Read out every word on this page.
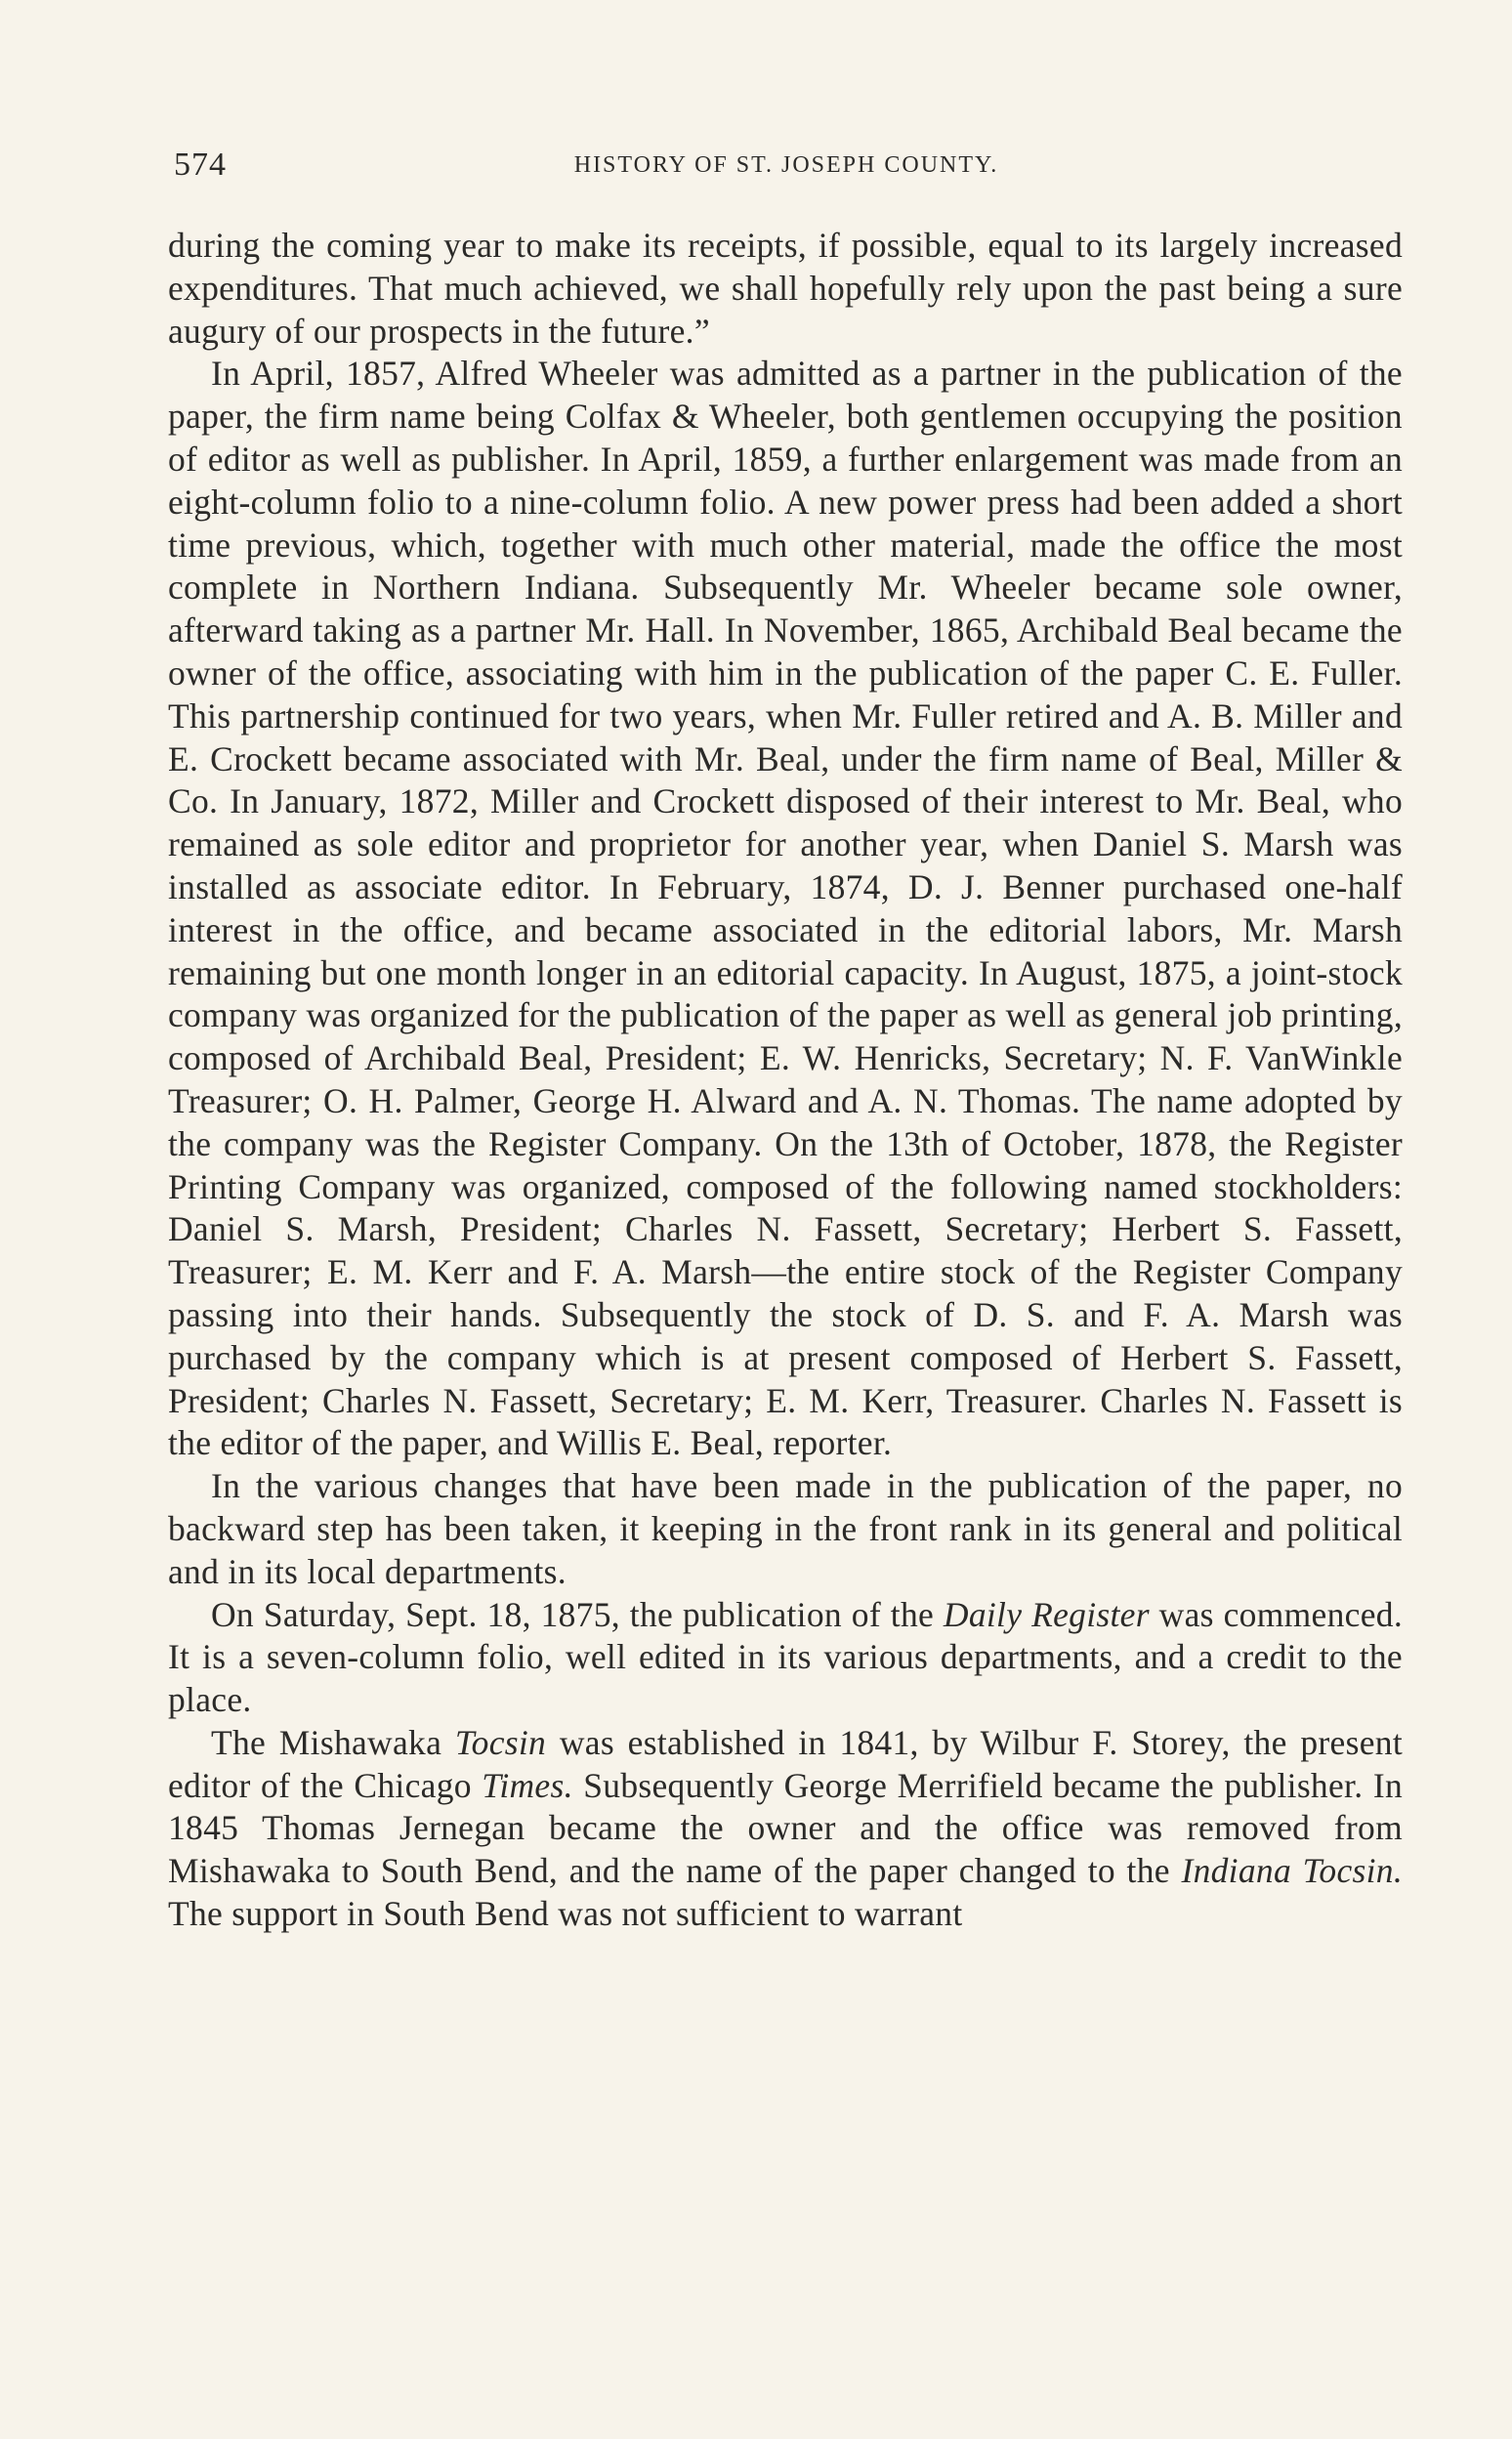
574	HISTORY OF ST. JOSEPH COUNTY.

during the coming year to make its receipts, if possible, equal to its largely increased expenditures. That much achieved, we shall hopefully rely upon the past being a sure augury of our prospects in the future.”

In April, 1857, Alfred Wheeler was admitted as a partner in the publication of the paper, the firm name being Colfax & Wheeler, both gentlemen occupying the position of editor as well as publisher. In April, 1859, a further enlargement was made from an eight-column folio to a nine-column folio. A new power press had been added a short time previous, which, together with much other material, made the office the most complete in Northern Indiana. Subsequently Mr. Wheeler became sole owner, afterward taking as a partner Mr. Hall. In November, 1865, Archibald Beal became the owner of the office, associating with him in the publication of the paper C. E. Fuller. This partnership continued for two years, when Mr. Fuller retired and A. B. Miller and E. Crockett became associated with Mr. Beal, under the firm name of Beal, Miller & Co. In January, 1872, Miller and Crockett disposed of their interest to Mr. Beal, who remained as sole editor and proprietor for another year, when Daniel S. Marsh was installed as associate editor. In February, 1874, D. J. Benner purchased one-half interest in the office, and became associated in the editorial labors, Mr. Marsh remaining but one month longer in an editorial capacity. In August, 1875, a joint-stock company was organized for the publication of the paper as well as general job printing, composed of Archibald Beal, President; E. W. Henricks, Secretary; N. F. VanWinkle Treasurer; O. H. Palmer, George H. Alward and A. N. Thomas. The name adopted by the company was the Register Company. On the 13th of October, 1878, the Register Printing Company was organized, composed of the following named stockholders: Daniel S. Marsh, President; Charles N. Fassett, Secretary; Herbert S. Fassett, Treasurer; E. M. Kerr and F. A. Marsh—the entire stock of the Register Company passing into their hands. Subsequently the stock of D. S. and F. A. Marsh was purchased by the company which is at present composed of Herbert S. Fassett, President; Charles N. Fassett, Secretary; E. M. Kerr, Treasurer. Charles N. Fassett is the editor of the paper, and Willis E. Beal, reporter.

In the various changes that have been made in the publication of the paper, no backward step has been taken, it keeping in the front rank in its general and political and in its local departments.

On Saturday, Sept. 18, 1875, the publication of the Daily Register was commenced. It is a seven-column folio, well edited in its various departments, and a credit to the place.

The Mishawaka Tocsin was established in 1841, by Wilbur F. Storey, the present editor of the Chicago Times. Subsequently George Merrifield became the publisher. In 1845 Thomas Jernegan became the owner and the office was removed from Mishawaka to South Bend, and the name of the paper changed to the Indiana Tocsin. The support in South Bend was not sufficient to warrant
